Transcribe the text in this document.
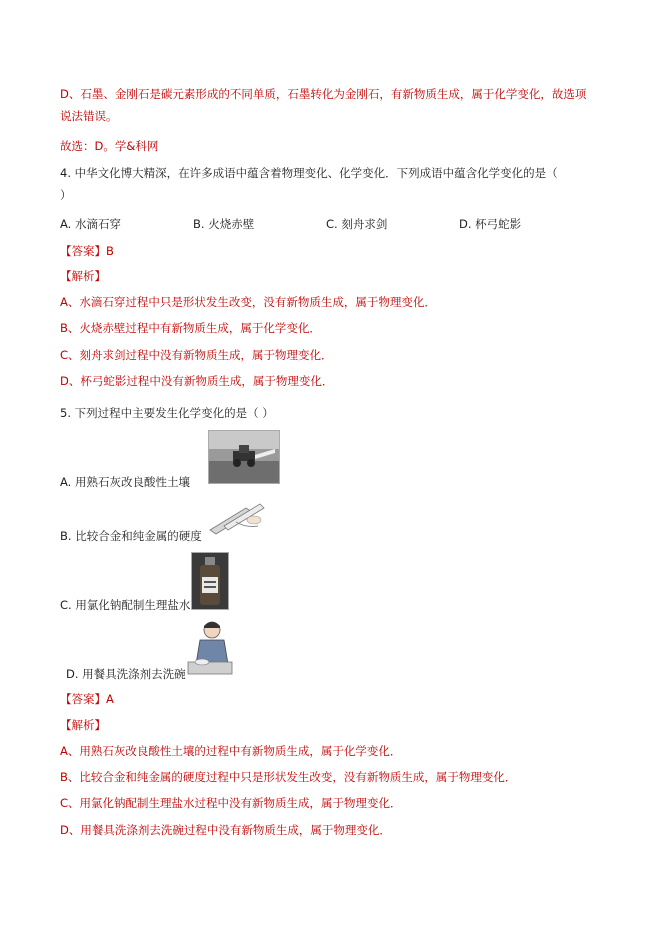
D、石墨、金刚石是碳元素形成的不同单质，石墨转化为金刚石，有新物质生成，属于化学变化，故选项
说法错误。
故选：D。学&科网
4. 中华文化博大精深，在许多成语中蕴含着物理变化、化学变化．下列成语中蕴含化学变化的是（
）
A. 水滴石穿	B. 火烧赤壁	C. 刻舟求剑	D. 杯弓蛇影
【答案】B
【解析】
A、水滴石穿过程中只是形状发生改变，没有新物质生成，属于物理变化．
B、火烧赤壁过程中有新物质生成，属于化学变化．
C、刻舟求剑过程中没有新物质生成，属于物理变化．
D、杯弓蛇影过程中没有新物质生成，属于物理变化．
5. 下列过程中主要发生化学变化的是（ ）
A. 用熟石灰改良酸性土壤
B. 比较合金和纯金属的硬度
C. 用氯化钠配制生理盐水
D. 用餐具洗涤剂去洗碗
【答案】A
【解析】
A、用熟石灰改良酸性土壤的过程中有新物质生成，属于化学变化．
B、比较合金和纯金属的硬度过程中只是形状发生改变，没有新物质生成，属于物理变化．
C、用氯化钠配制生理盐水过程中没有新物质生成，属于物理变化．
D、用餐具洗涤剂去洗碗过程中没有新物质生成，属于物理变化．
